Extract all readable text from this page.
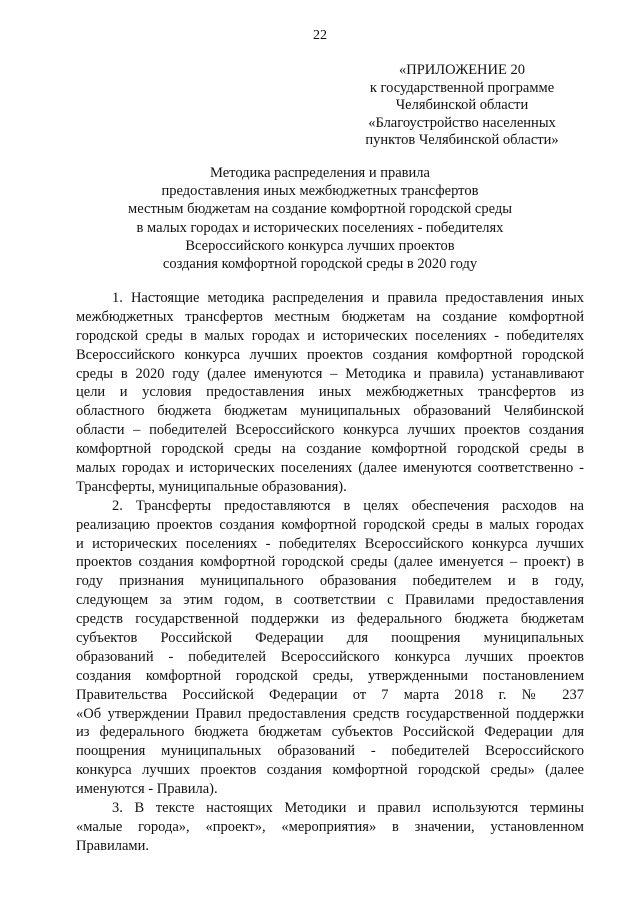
22
«ПРИЛОЖЕНИЕ 20
к государственной программе
Челябинской области
«Благоустройство населенных
пунктов Челябинской области»
Методика распределения и правила
предоставления иных межбюджетных трансфертов
местным бюджетам на создание комфортной городской среды
в малых городах и исторических поселениях - победителях
Всероссийского конкурса лучших проектов
создания комфортной городской среды в 2020 году
1. Настоящие методика распределения и правила предоставления иных
межбюджетных трансфертов местным бюджетам на создание комфортной
городской среды в малых городах и исторических поселениях - победителях
Всероссийского конкурса лучших проектов создания комфортной городской
среды в 2020 году (далее именуются – Методика и правила) устанавливают
цели и условия предоставления иных межбюджетных трансфертов из
областного бюджета бюджетам муниципальных образований Челябинской
области – победителей Всероссийского конкурса лучших проектов создания
комфортной городской среды на создание комфортной городской среды в
малых городах и исторических поселениях (далее именуются соответственно -
Трансферты, муниципальные образования).
2. Трансферты предоставляются в целях обеспечения расходов на
реализацию проектов создания комфортной городской среды в малых городах
и исторических поселениях - победителях Всероссийского конкурса лучших
проектов создания комфортной городской среды (далее именуется – проект) в
году признания муниципального образования победителем и в году,
следующем за этим годом, в соответствии с Правилами предоставления
средств государственной поддержки из федерального бюджета бюджетам
субъектов Российской Федерации для поощрения муниципальных
образований - победителей Всероссийского конкурса лучших проектов
создания комфортной городской среды, утвержденными постановлением
Правительства Российской Федерации от 7 марта 2018 г. № 237
«Об утверждении Правил предоставления средств государственной поддержки
из федерального бюджета бюджетам субъектов Российской Федерации для
поощрения муниципальных образований - победителей Всероссийского
конкурса лучших проектов создания комфортной городской среды» (далее
именуются - Правила).
3. В тексте настоящих Методики и правил используются термины
«малые города», «проект», «мероприятия» в значении, установленном
Правилами.
